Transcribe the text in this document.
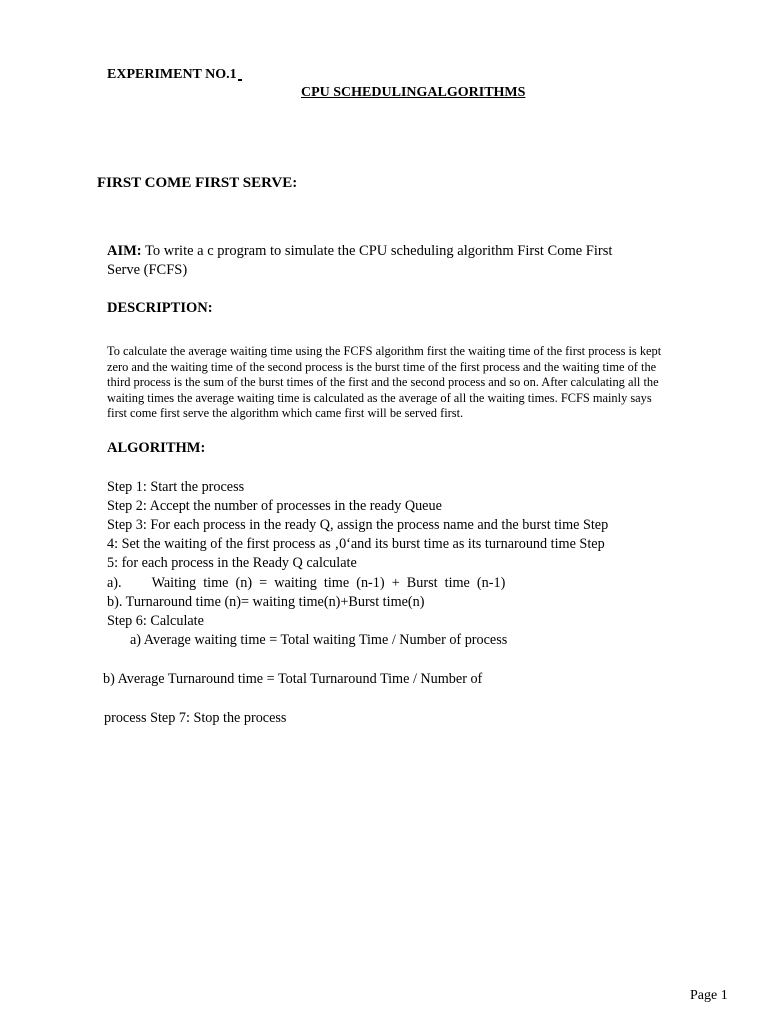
EXPERIMENT NO.1
CPU SCHEDULINGALGORITHMS
FIRST COME FIRST SERVE:
AIM: To write a c program to simulate the CPU scheduling algorithm First Come First
Serve (FCFS)
DESCRIPTION:
To calculate the average waiting time using the FCFS algorithm first the waiting time of the first process is kept
zero and the waiting time of the second process is the burst time of the first process and the waiting time of the
third process is the sum of the burst times of the first and the second process and so on. After calculating all the
waiting times the average waiting time is calculated as the average of all the waiting times. FCFS mainly says
first come first serve the algorithm which came first will be served first.
ALGORITHM:
Step 1: Start the process
Step 2: Accept the number of processes in the ready Queue
Step 3: For each process in the ready Q, assign the process name and the burst time Step
4: Set the waiting of the first process as ‚0‘and its burst time as its turnaround time Step
5: for each process in the Ready Q calculate
a). Waiting  time  (n)  =  waiting  time  (n-1)  +  Burst  time  (n-1)
b). Turnaround time (n)= waiting time(n)+Burst time(n)
Step 6: Calculate
a) Average waiting time = Total waiting Time / Number of process
b) Average Turnaround time = Total Turnaround Time / Number of
process Step 7: Stop the process
Page 1
